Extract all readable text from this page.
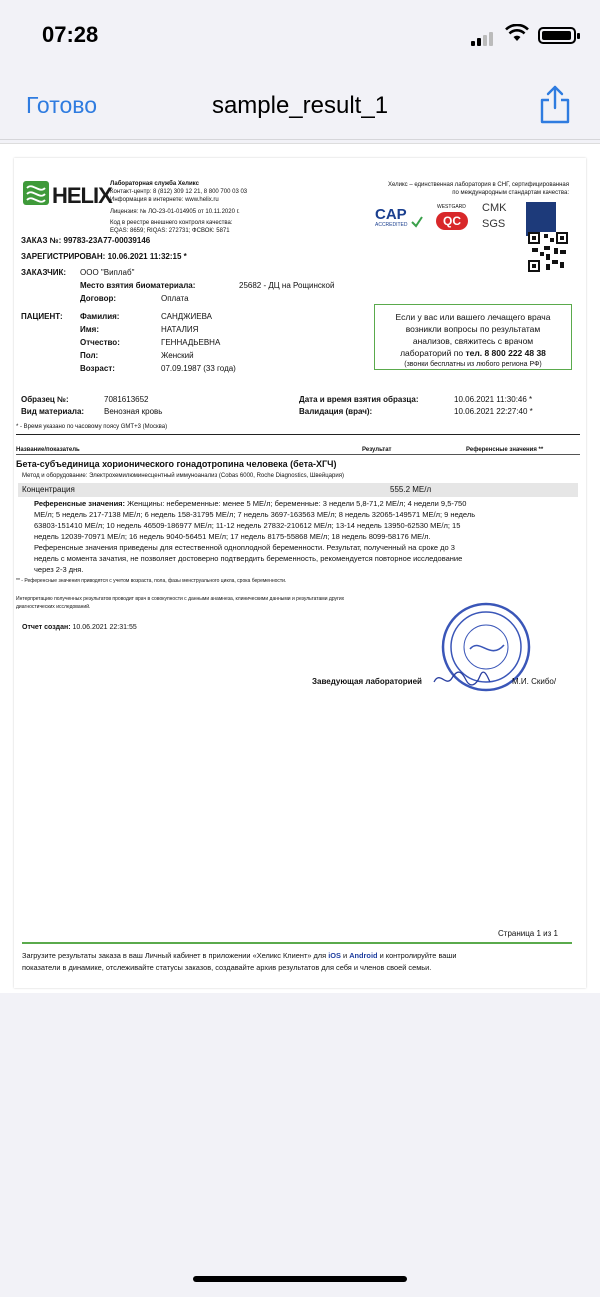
07:28
Готово	sample_result_1
HELIX
Лабораторная служба Хеликс
Контакт-центр: 8 (812) 309 12 21, 8 800 700 03 03
Информация в интернете: www.helix.ru
Лицензия: № ЛО-23-01-014905 от 10.11.2020 г.
Код в реестре внешнего контроля качества:
EQAS: 8659; RIQAS: 272731; ФСВОК: 5871
Хеликс – единственная лаборатория в СНГ, сертифицированная
по международным стандартам качества:
CAP
ACCREDITED
WESTGARD
QC
CMK
SGS
ЗАКАЗ №: 99783-23A77-00039146
ЗАРЕГИСТРИРОВАН: 10.06.2021 11:32:15 *
ЗАКАЗЧИК: ООО "Виплаб"
Место взятия биоматериала:	25682 - ДЦ на Рощинской
Договор:	Оплата
ПАЦИЕНТ: Фамилия:	САНДЖИЕВА
Имя:	НАТАЛИЯ
Отчество:	ГЕННАДЬЕВНА
Пол:	Женский
Возраст:	07.09.1987 (33 года)
Если у вас или вашего лечащего врача
возникли вопросы по результатам
анализов, свяжитесь с врачом
лабораторий по тел. 8 800 222 48 38
(звонки бесплатны из любого региона РФ)
Образец №:	7081613652
Вид материала: Венозная кровь
Дата и время взятия образца:	10.06.2021 11:30:46 *
Валидация (врач):	10.06.2021 22:27:40 *
* - Время указано по часовому поясу GMT+3 (Москва)
Название/показатель	Результат	Референсные значения **
Бета-субъединица хорионического гонадотропина человека (бета-ХГЧ)
Метод и оборудование: Электрохемилюминесцентный иммуноанализ (Cobas 6000, Roche Diagnostics, Швейцария)
Концентрация	555.2 МЕ/л
Референсные значения: Женщины: небеременные: менее 5 МЕ/л; беременные: 3 недели 5,8-71,2 МЕ/л; 4 недели 9,5-750
МЕ/л; 5 недель 217-7138 МЕ/л; 6 недель 158-31795 МЕ/л; 7 недель 3697-163563 МЕ/л; 8 недель 32065-149571 МЕ/л; 9 недель
63803-151410 МЕ/л; 10 недель 46509-186977 МЕ/л; 11-12 недель 27832-210612 МЕ/л; 13-14 недель 13950-62530 МЕ/л; 15
недель 12039-70971 МЕ/л; 16 недель 9040-56451 МЕ/л; 17 недель 8175-55868 МЕ/л; 18 недель 8099-58176 МЕ/л.
Референсные значения приведены для естественной одноплодной беременности. Результат, полученный на сроке до 3
недель с момента зачатия, не позволяет достоверно подтвердить беременность, рекомендуется повторное исследование
через 2-3 дня.
** - Референсные значения приводятся с учетом возраста, пола, фазы менструального цикла, срока беременности.
Интерпретацию полученных результатов проводит врач в совокупности с данными анамнеза, клиническими данными и результатами других
диагностических исследований.
Отчет создан: 10.06.2021 22:31:55
Заведующая лабораторией	М.И. Скибо/
Страница 1 из 1
Загрузите результаты заказа в ваш Личный кабинет в приложении «Хеликс Клиент» для iOS и Android и контролируйте ваши
показатели в динамике, отслеживайте статусы заказов, создавайте архив результатов для себя и членов своей семьи.
